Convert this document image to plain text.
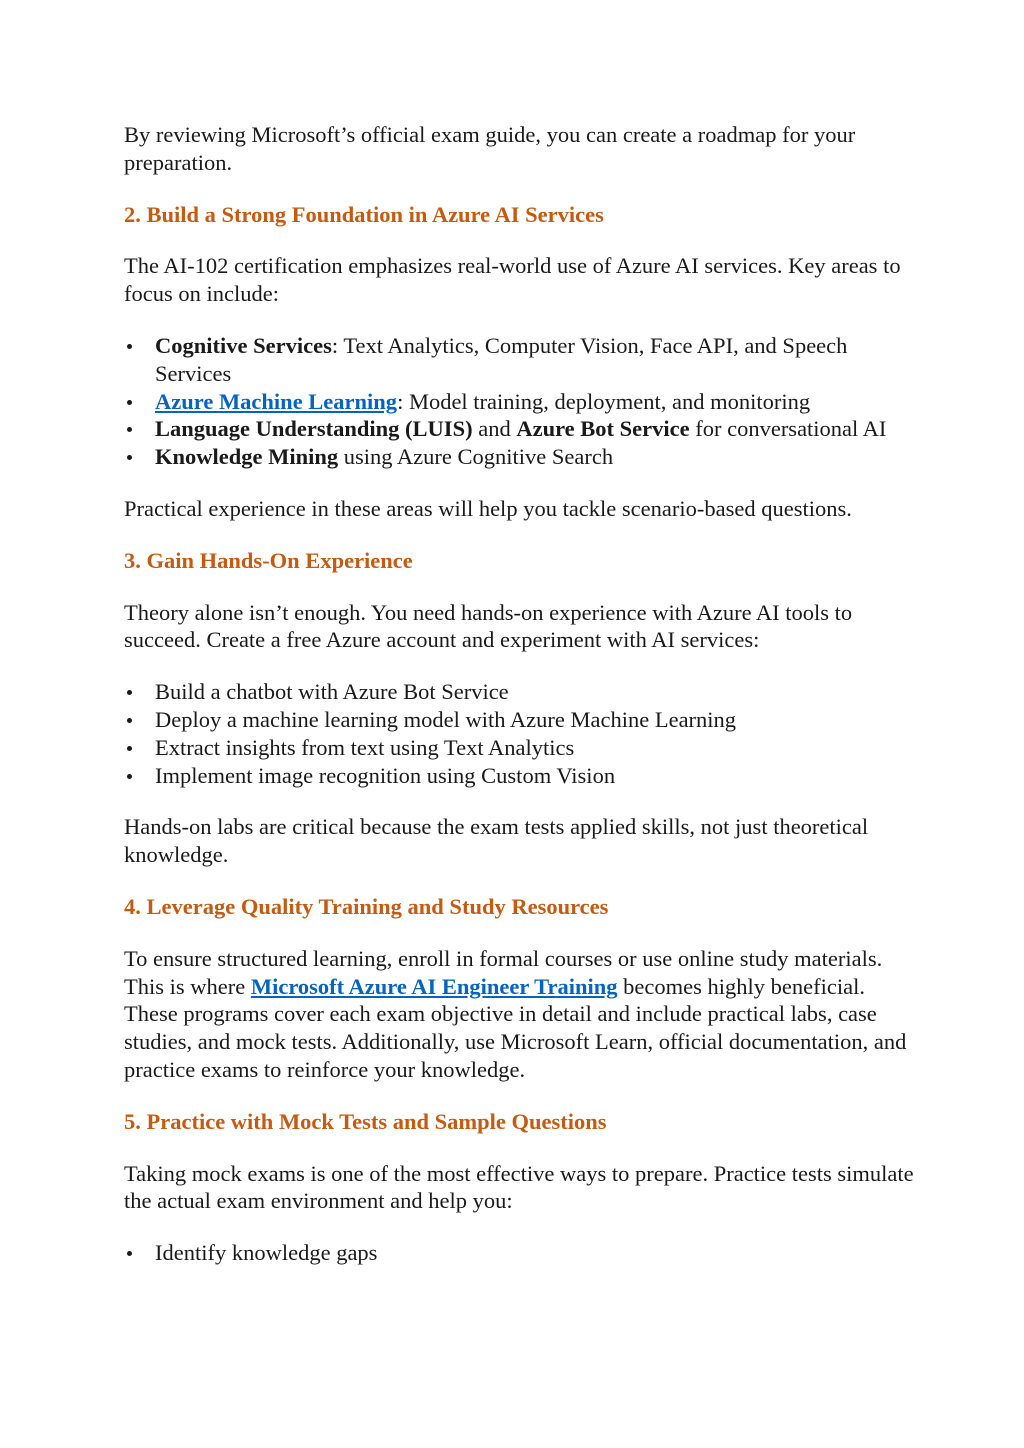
By reviewing Microsoft’s official exam guide, you can create a roadmap for your preparation.

2. Build a Strong Foundation in Azure AI Services

The AI-102 certification emphasizes real-world use of Azure AI services. Key areas to focus on include:

Cognitive Services: Text Analytics, Computer Vision, Face API, and Speech Services
Azure Machine Learning: Model training, deployment, and monitoring
Language Understanding (LUIS) and Azure Bot Service for conversational AI
Knowledge Mining using Azure Cognitive Search

Practical experience in these areas will help you tackle scenario-based questions.

3. Gain Hands-On Experience

Theory alone isn’t enough. You need hands-on experience with Azure AI tools to succeed. Create a free Azure account and experiment with AI services:

Build a chatbot with Azure Bot Service
Deploy a machine learning model with Azure Machine Learning
Extract insights from text using Text Analytics
Implement image recognition using Custom Vision

Hands-on labs are critical because the exam tests applied skills, not just theoretical knowledge.

4. Leverage Quality Training and Study Resources

To ensure structured learning, enroll in formal courses or use online study materials. This is where Microsoft Azure AI Engineer Training becomes highly beneficial. These programs cover each exam objective in detail and include practical labs, case studies, and mock tests. Additionally, use Microsoft Learn, official documentation, and practice exams to reinforce your knowledge.

5. Practice with Mock Tests and Sample Questions

Taking mock exams is one of the most effective ways to prepare. Practice tests simulate the actual exam environment and help you:

Identify knowledge gaps
